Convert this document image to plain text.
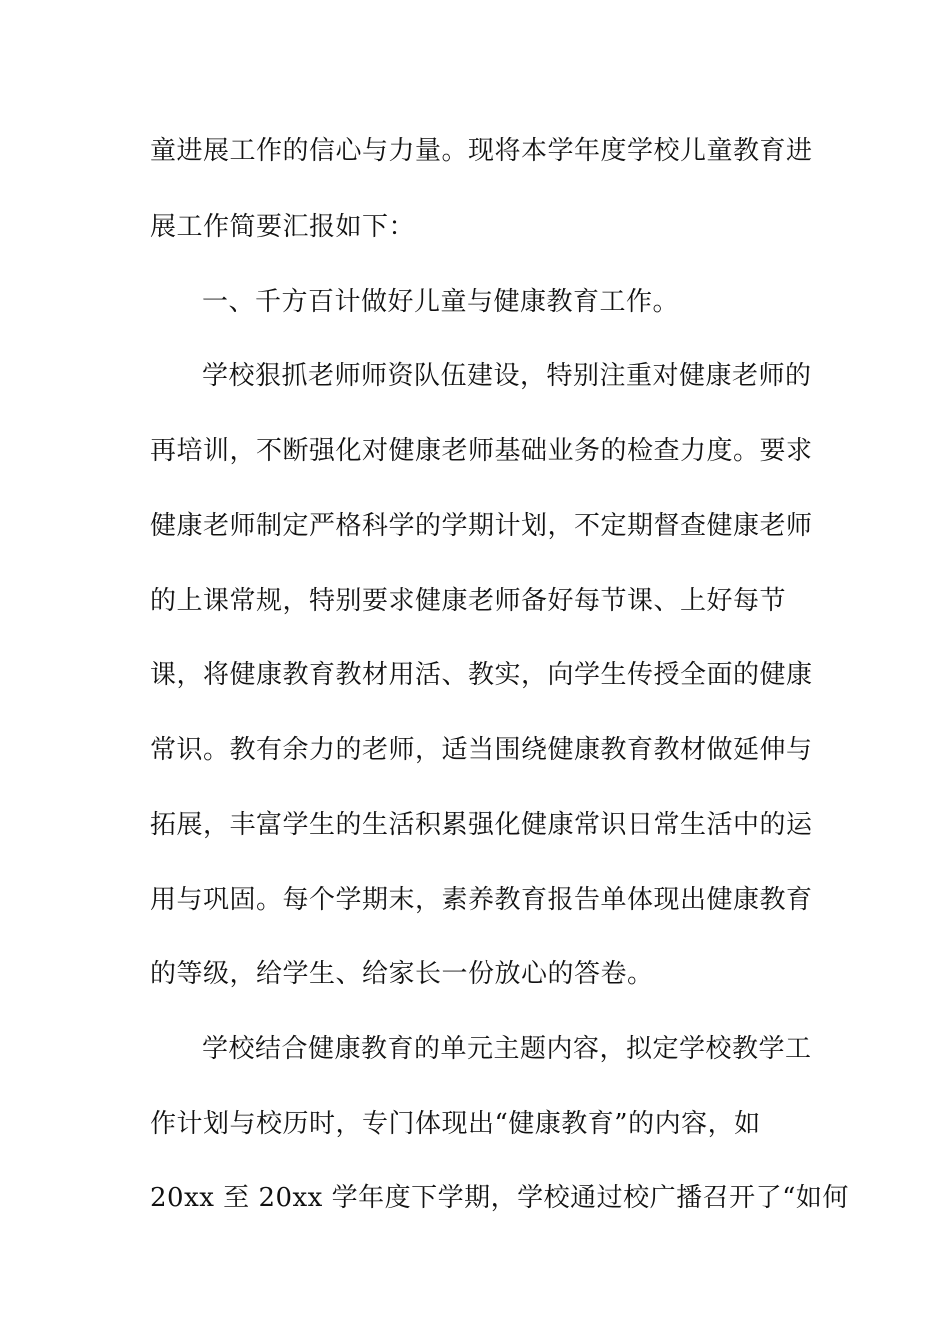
童进展工作的信心与力量。现将本学年度学校儿童教育进
展工作简要汇报如下：
一、千方百计做好儿童与健康教育工作。
学校狠抓老师师资队伍建设，特别注重对健康老师的
再培训，不断强化对健康老师基础业务的检查力度。要求
健康老师制定严格科学的学期计划，不定期督查健康老师
的上课常规，特别要求健康老师备好每节课、上好每节
课，将健康教育教材用活、教实，向学生传授全面的健康
常识。教有余力的老师，适当围绕健康教育教材做延伸与
拓展，丰富学生的生活积累强化健康常识日常生活中的运
用与巩固。每个学期末，素养教育报告单体现出健康教育
的等级，给学生、给家长一份放心的答卷。
学校结合健康教育的单元主题内容，拟定学校教学工
作计划与校历时，专门体现出“健康教育”的内容，如
20xx 至 20xx 学年度下学期，学校通过校广播召开了“如何
